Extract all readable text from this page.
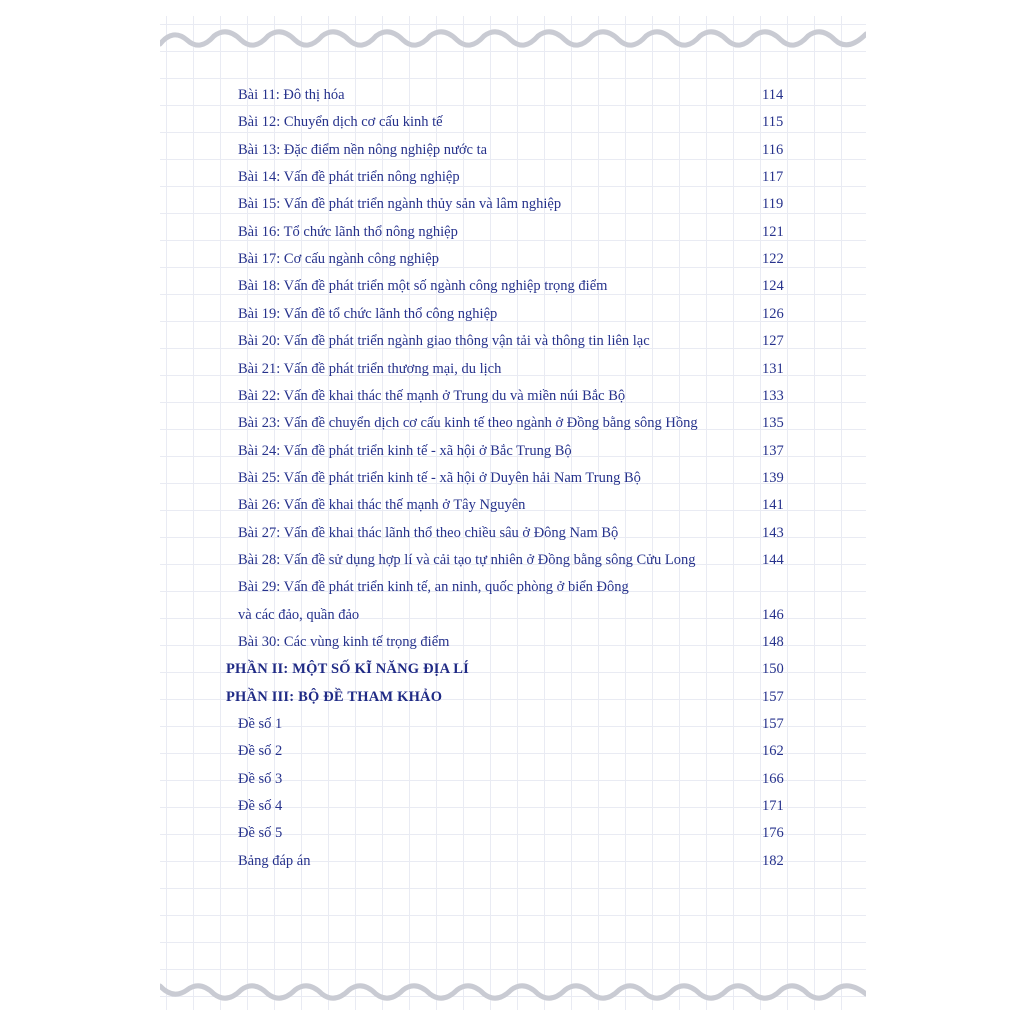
Bài 11: Đô thị hóa	114
Bài 12: Chuyển dịch cơ cấu kinh tế	115
Bài 13: Đặc điểm nền nông nghiệp nước ta	116
Bài 14: Vấn đề phát triển nông nghiệp	117
Bài 15: Vấn đề phát triển ngành thủy sản và lâm nghiệp	119
Bài 16: Tổ chức lãnh thổ nông nghiệp	121
Bài 17: Cơ cấu ngành công nghiệp	122
Bài 18: Vấn đề phát triển một số ngành công nghiệp trọng điểm	124
Bài 19: Vấn đề tổ chức lãnh thổ công nghiệp	126
Bài 20: Vấn đề phát triển ngành giao thông vận tải và thông tin liên lạc	127
Bài 21: Vấn đề phát triển thương mại, du lịch	131
Bài 22: Vấn đề khai thác thế mạnh ở Trung du và miền núi Bắc Bộ	133
Bài 23: Vấn đề chuyển dịch cơ cấu kinh tế theo ngành ở Đồng bằng sông Hồng	135
Bài 24: Vấn đề phát triển kinh tế - xã hội ở Bắc Trung Bộ	137
Bài 25: Vấn đề phát triển kinh tế - xã hội ở Duyên hải Nam Trung Bộ	139
Bài 26: Vấn đề khai thác thế mạnh ở Tây Nguyên	141
Bài 27: Vấn đề khai thác lãnh thổ theo chiều sâu ở Đông Nam Bộ	143
Bài 28: Vấn đề sử dụng hợp lí và cải tạo tự nhiên ở Đồng bằng sông Cửu Long	144
Bài 29: Vấn đề phát triển kinh tế, an ninh, quốc phòng ở biển Đông
và các đảo, quần đảo	146
Bài 30: Các vùng kinh tế trọng điểm	148
PHẦN II: MỘT SỐ KĨ NĂNG ĐỊA LÍ	150
PHẦN III: BỘ ĐỀ THAM KHẢO	157
Đề số 1	157
Đề số 2	162
Đề số 3	166
Đề số 4	171
Đề số 5	176
Bảng đáp án	182
